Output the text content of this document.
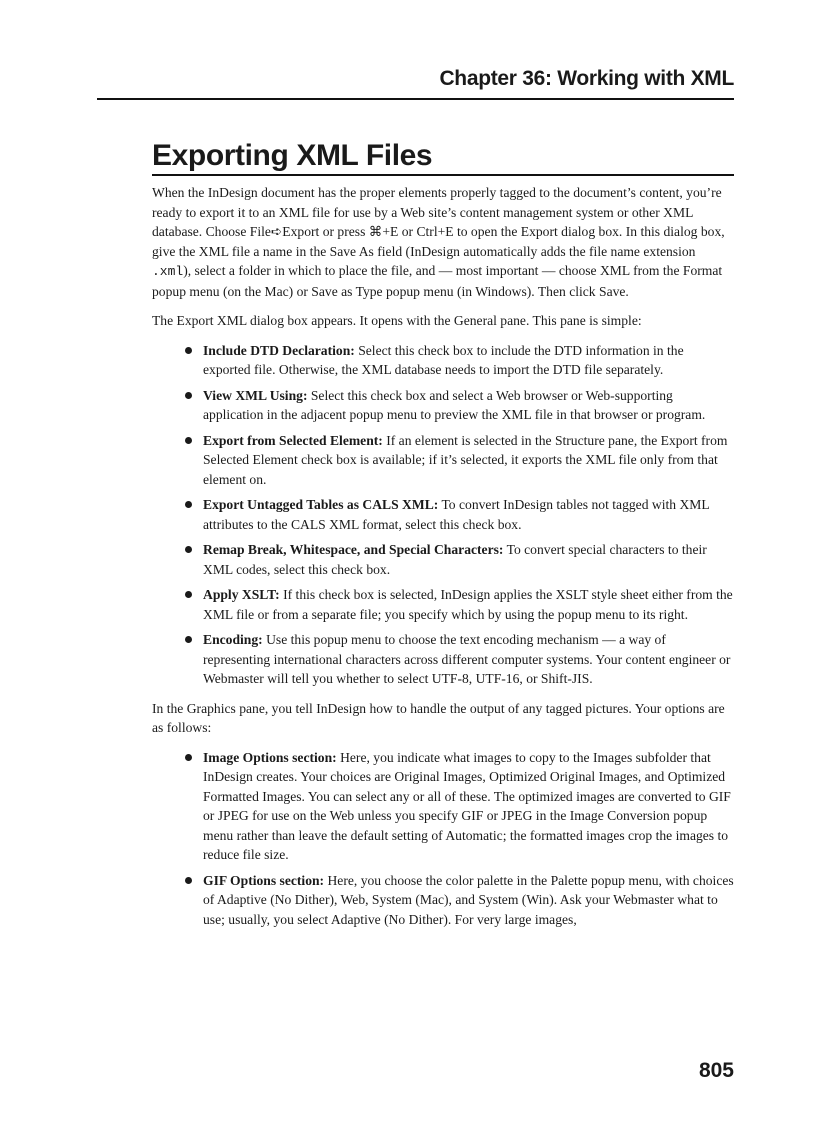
Chapter 36: Working with XML
Exporting XML Files

When the InDesign document has the proper elements properly tagged to the document’s content, you’re ready to export it to an XML file for use by a Web site’s content management system or other XML database. Choose File➪Export or press ⌘+E or Ctrl+E to open the Export dialog box. In this dialog box, give the XML file a name in the Save As field (InDesign automatically adds the file name extension .xml), select a folder in which to place the file, and — most important — choose XML from the Format popup menu (on the Mac) or Save as Type popup menu (in Windows). Then click Save.

The Export XML dialog box appears. It opens with the General pane. This pane is simple:

Include DTD Declaration: Select this check box to include the DTD information in the exported file. Otherwise, the XML database needs to import the DTD file separately.
View XML Using: Select this check box and select a Web browser or Web-supporting application in the adjacent popup menu to preview the XML file in that browser or program.
Export from Selected Element: If an element is selected in the Structure pane, the Export from Selected Element check box is available; if it’s selected, it exports the XML file only from that element on.
Export Untagged Tables as CALS XML: To convert InDesign tables not tagged with XML attributes to the CALS XML format, select this check box.
Remap Break, Whitespace, and Special Characters: To convert special characters to their XML codes, select this check box.
Apply XSLT: If this check box is selected, InDesign applies the XSLT style sheet either from the XML file or from a separate file; you specify which by using the popup menu to its right.
Encoding: Use this popup menu to choose the text encoding mechanism — a way of representing international characters across different computer systems. Your content engineer or Webmaster will tell you whether to select UTF-8, UTF-16, or Shift-JIS.

In the Graphics pane, you tell InDesign how to handle the output of any tagged pictures. Your options are as follows:

Image Options section: Here, you indicate what images to copy to the Images subfolder that InDesign creates. Your choices are Original Images, Optimized Original Images, and Optimized Formatted Images. You can select any or all of these. The optimized images are converted to GIF or JPEG for use on the Web unless you specify GIF or JPEG in the Image Conversion popup menu rather than leave the default setting of Automatic; the formatted images crop the images to reduce file size.
GIF Options section: Here, you choose the color palette in the Palette popup menu, with choices of Adaptive (No Dither), Web, System (Mac), and System (Win). Ask your Webmaster what to use; usually, you select Adaptive (No Dither). For very large images,
805
